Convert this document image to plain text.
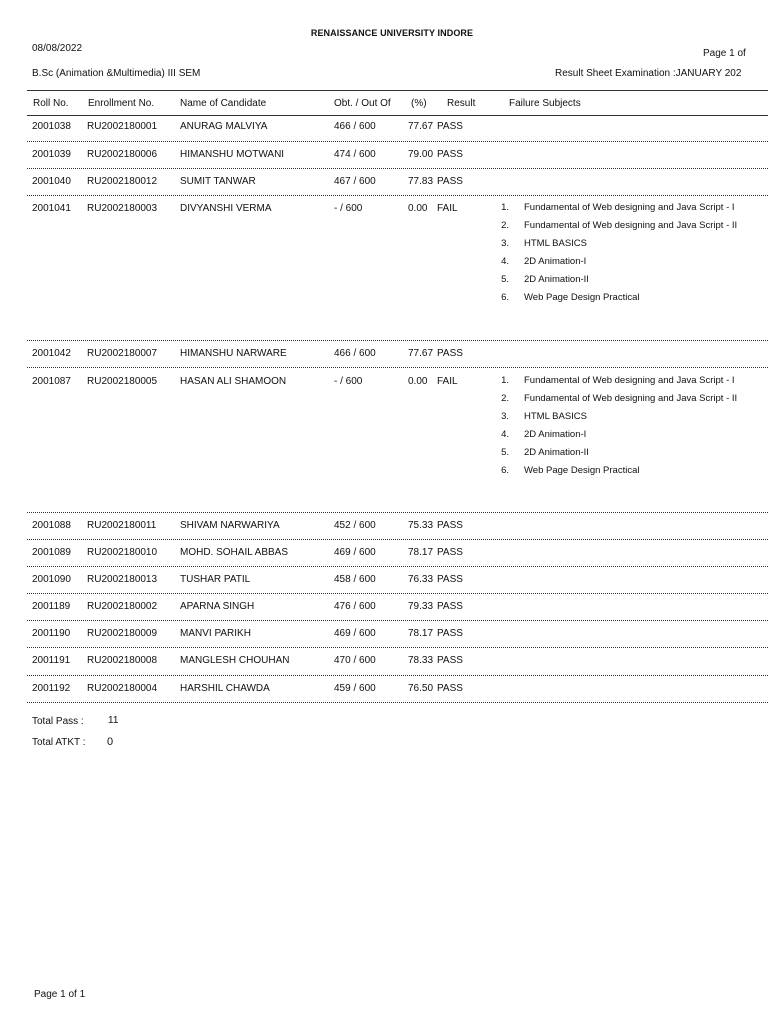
RENAISSANCE UNIVERSITY INDORE
08/08/2022	Page 1 of
B.Sc (Animation &Multimedia) III SEM	Result Sheet Examination :JANUARY 202
Roll No. Enrollment No.	Name of Candidate	Obt. / Out Of (%) Result	Failure Subjects
2001038 RU2002180001 ANURAG MALVIYA	466 / 600	77.67 PASS
2001039 RU2002180006 HIMANSHU MOTWANI	474 / 600	79.00 PASS
2001040 RU2002180012 SUMIT TANWAR	467 / 600	77.83 PASS
2001041 RU2002180003 DIVYANSHI VERMA	- / 600	0.00 FAIL	1. Fundamental of Web designing and Java Script - I
2. Fundamental of Web designing and Java Script - II
3. HTML BASICS
4. 2D Animation-I
5. 2D Animation-II
6. Web Page Design Practical
2001042 RU2002180007 HIMANSHU NARWARE	466 / 600	77.67 PASS
2001087 RU2002180005 HASAN ALI SHAMOON	- / 600	0.00 FAIL	1. Fundamental of Web designing and Java Script - I
2. Fundamental of Web designing and Java Script - II
3. HTML BASICS
4. 2D Animation-I
5. 2D Animation-II
6. Web Page Design Practical
2001088 RU2002180011 SHIVAM NARWARIYA	452 / 600	75.33 PASS
2001089 RU2002180010 MOHD. SOHAIL ABBAS	469 / 600	78.17 PASS
2001090 RU2002180013 TUSHAR PATIL	458 / 600	76.33 PASS
2001189 RU2002180002 APARNA SINGH	476 / 600	79.33 PASS
2001190 RU2002180009 MANVI PARIKH	469 / 600	78.17 PASS
2001191 RU2002180008 MANGLESH CHOUHAN	470 / 600	78.33 PASS
2001192 RU2002180004 HARSHIL CHAWDA	459 / 600	76.50 PASS
Total Pass : 11
Total ATKT : 0
Page 1 of 1
